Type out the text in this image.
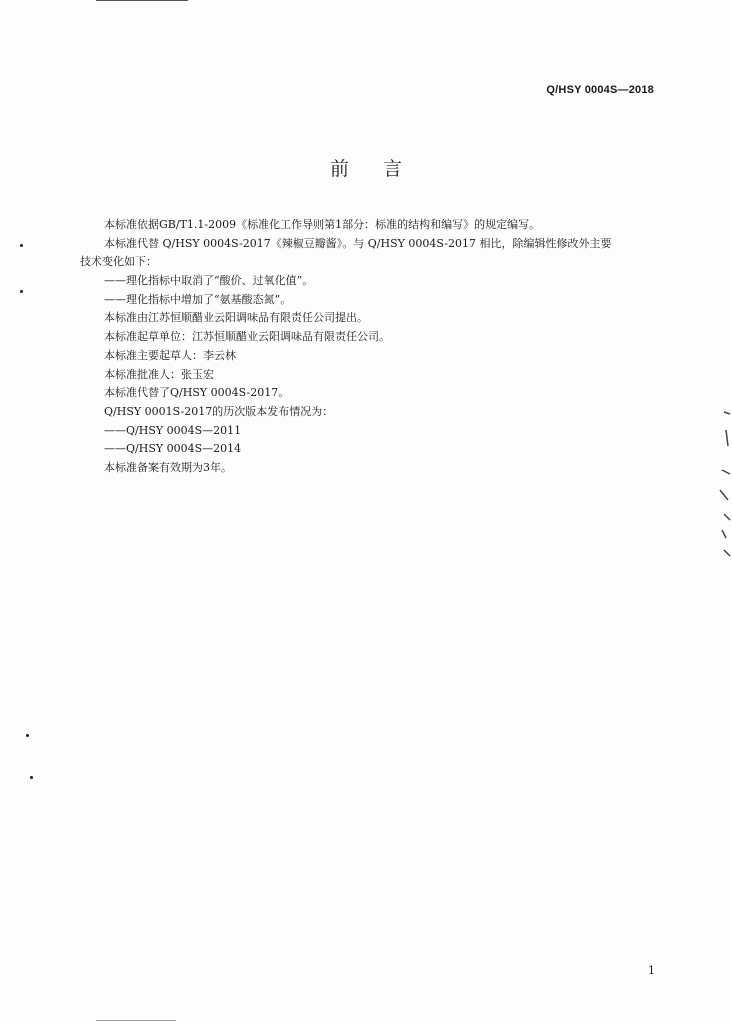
Q/HSY 0004S—2018
前言
本标准依据GB/T1.1-2009《标准化工作导则第1部分：标准的结构和编写》的规定编写。
本标准代替 Q/HSY 0004S-2017《辣椒豆瓣酱》。与 Q/HSY 0004S-2017 相比，除编辑性修改外主要
技术变化如下：
——理化指标中取消了“酸价、过氧化值”。
——理化指标中增加了“氨基酸态氮”。
本标准由江苏恒顺醋业云阳调味品有限责任公司提出。
本标准起草单位：江苏恒顺醋业云阳调味品有限责任公司。
本标准主要起草人：李云林
本标准批准人：张玉宏
本标准代替了Q/HSY 0004S-2017。
Q/HSY 0001S-2017的历次版本发布情况为：
——Q/HSY 0004S—2011
——Q/HSY 0004S—2014
本标准备案有效期为3年。
1
